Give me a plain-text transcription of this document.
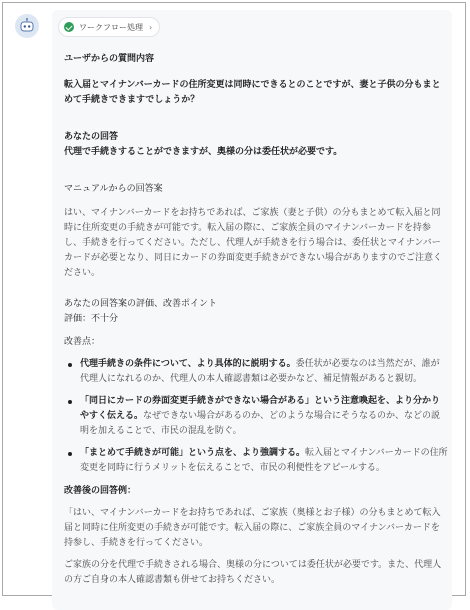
ワークフロー処理 ›
ユーザからの質問内容
転入届とマイナンバーカードの住所変更は同時にできるとのことですが、妻と子供の分もまとめて手続きできますでしょうか？
あなたの回答
代理で手続きすることができますが、奥様の分は委任状が必要です。
マニュアルからの回答案
はい、マイナンバーカードをお持ちであれば、ご家族（妻と子供）の分もまとめて転入届と同時に住所変更の手続きが可能です。転入届の際に、ご家族全員のマイナンバーカードを持参し、手続きを行ってください。ただし、代理人が手続きを行う場合は、委任状とマイナンバーカードが必要となり、同日にカードの券面変更手続きができない場合がありますのでご注意ください。
あなたの回答案の評価、改善ポイント
評価：不十分
改善点：
代理手続きの条件について、より具体的に説明する。委任状が必要なのは当然だが、誰が代理人になれるのか、代理人の本人確認書類は必要かなど、補足情報があると親切。
「同日にカードの券面変更手続きができない場合がある」という注意喚起を、より分かりやすく伝える。なぜできない場合があるのか、どのような場合にそうなるのか、などの説明を加えることで、市民の混乱を防ぐ。
「まとめて手続きが可能」という点を、より強調する。転入届とマイナンバーカードの住所変更を同時に行うメリットを伝えることで、市民の利便性をアピールする。
改善後の回答例：
「はい、マイナンバーカードをお持ちであれば、ご家族（奥様とお子様）の分もまとめて転入届と同時に住所変更の手続きが可能です。転入届の際に、ご家族全員のマイナンバーカードを持参し、手続きを行ってください。
ご家族の分を代理で手続きされる場合、奥様の分については委任状が必要です。また、代理人の方ご自身の本人確認書類も併せてお持ちください。
